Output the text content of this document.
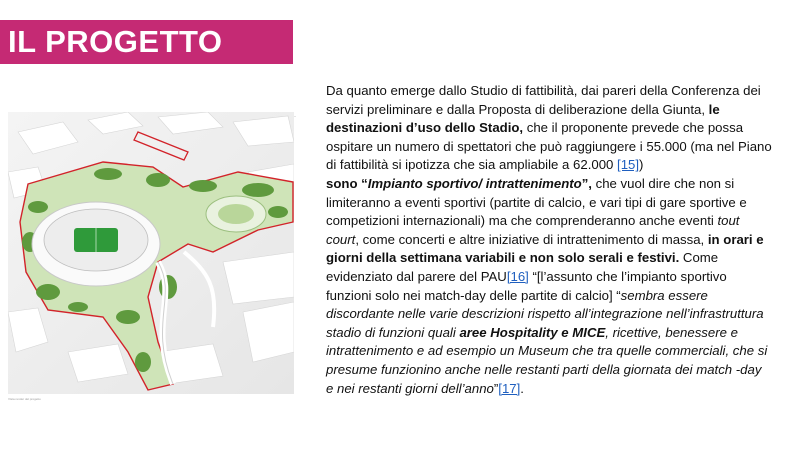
IL PROGETTO
·
Vista render del progetto

Da quanto emerge dallo Studio di fattibilità, dai pareri della Conferenza dei servizi preliminare e dalla Proposta di deliberazione della Giunta, le destinazioni d’uso dello Stadio, che il proponente prevede che possa ospitare un numero di spettatori che può raggiungere i 55.000 (ma nel Piano di fattibilità si ipotizza che sia ampliabile a 62.000 [15])
sono “Impianto sportivo/ intrattenimento”, che vuol dire che non si limiteranno a eventi sportivi (partite di calcio, e vari tipi di gare sportive e competizioni internazionali) ma che comprenderanno anche eventi tout court, come concerti e altre iniziative di intrattenimento di massa, in orari e giorni della settimana variabili e non solo serali e festivi. Come evidenziato dal parere del PAU[16] “[l’assunto che l’impianto sportivo funzioni solo nei match-day delle partite di calcio] “sembra essere discordante nelle varie descrizioni rispetto all’integrazione nell’infrastruttura stadio di funzioni quali aree Hospitality e MICE, ricettive, benessere e intrattenimento e ad esempio un Museum che tra quelle commerciali, che si presume funzionino anche nelle restanti parti della giornata dei match -day e nei restanti giorni dell’anno”[17].
